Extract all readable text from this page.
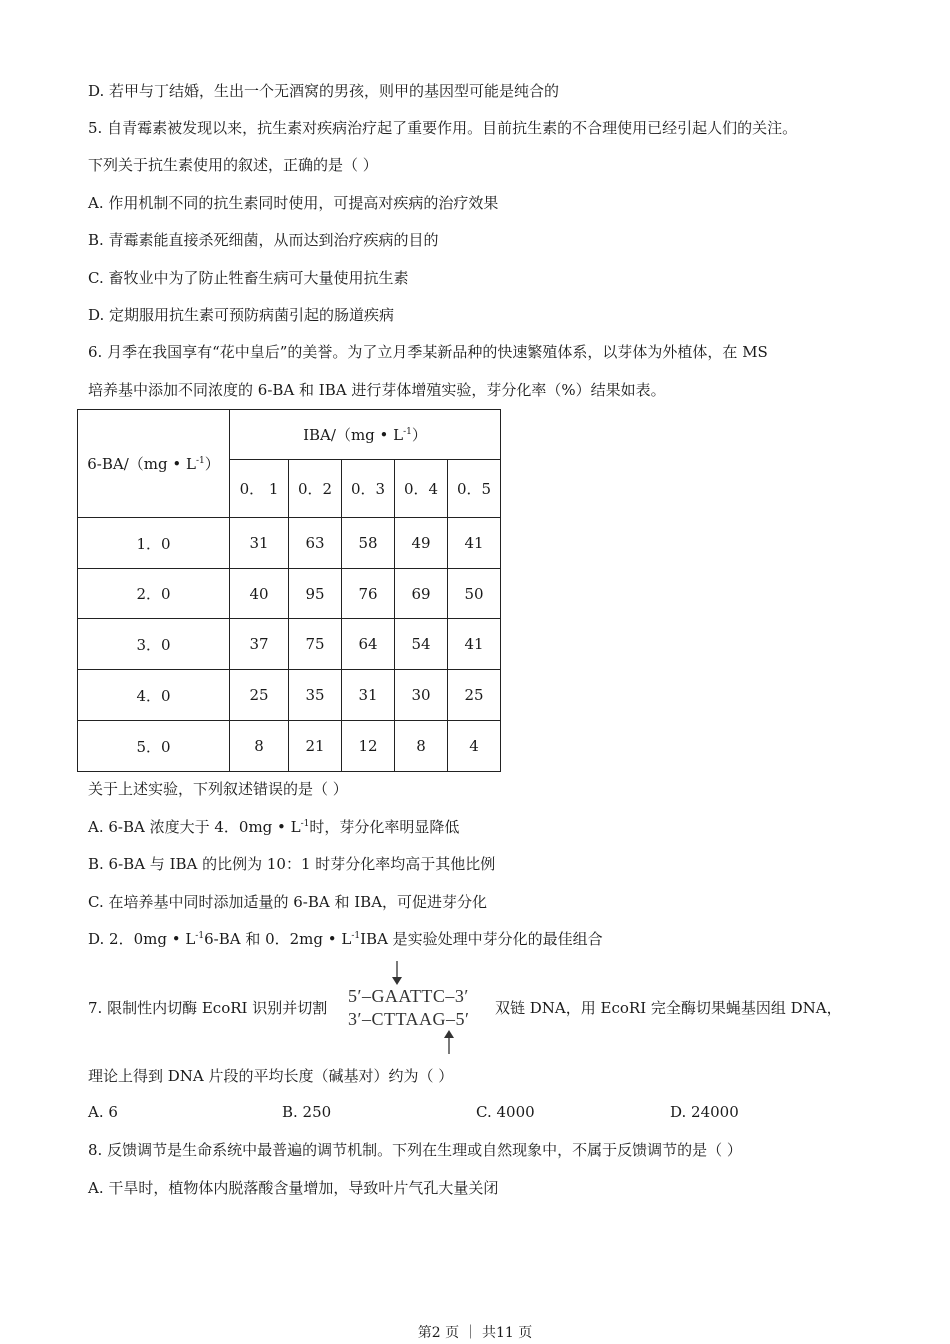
D. 若甲与丁结婚，生出一个无酒窝的男孩，则甲的基因型可能是纯合的
5. 自青霉素被发现以来，抗生素对疾病治疗起了重要作用。目前抗生素的不合理使用已经引起人们的关注。
下列关于抗生素使用的叙述，正确的是（ ）
A. 作用机制不同的抗生素同时使用，可提高对疾病的治疗效果
B. 青霉素能直接杀死细菌，从而达到治疗疾病的目的
C. 畜牧业中为了防止牲畜生病可大量使用抗生素
D. 定期服用抗生素可预防病菌引起的肠道疾病
6. 月季在我国享有“花中皇后”的美誉。为了立月季某新品种的快速繁殖体系，以芽体为外植体，在 MS
培养基中添加不同浓度的 6-BA 和 IBA 进行芽体增殖实验，芽分化率（%）结果如表。
6-BA/（mg • $L^{-1}$）	IBA/（mg • $L^{-1}$）				
	0． 1	0．2	0．3	0．4	0．5
1．0	31	63	58	49	41
2．0	40	95	76	69	50
3．0	37	75	64	54	41
4．0	25	35	31	30	25
5．0	8	21	12	8	4
关于上述实验，下列叙述错误的是（ ）
A. 6-BA 浓度大于 4．0mg • $L^{-1}$时，芽分化率明显降低
B. 6-BA 与 IBA 的比例为 10：1 时芽分化率均高于其他比例
C. 在培养基中同时添加适量的 6-BA 和 IBA，可促进芽分化
D. 2．0mg • $L^{-1}6-BA$ 和 0．2mg • $L^{-1}IBA$ 是实验处理中芽分化的最佳组合
7. 限制性内切酶 EcoRI 识别并切割
5′–GAATTC–3′
3′–CTTAAG–5′
双链 DNA，用 EcoRI 完全酶切果蝇基因组 DNA，
理论上得到 DNA 片段的平均长度（碱基对）约为（ ）
A. 6	B. 250	C. 4000	D. 24000
8. 反馈调节是生命系统中最普遍的调节机制。下列在生理或自然现象中，不属于反馈调节的是（ ）
A. 干旱时，植物体内脱落酸含量增加，导致叶片气孔大量关闭
第2 页 ｜ 共11 页
